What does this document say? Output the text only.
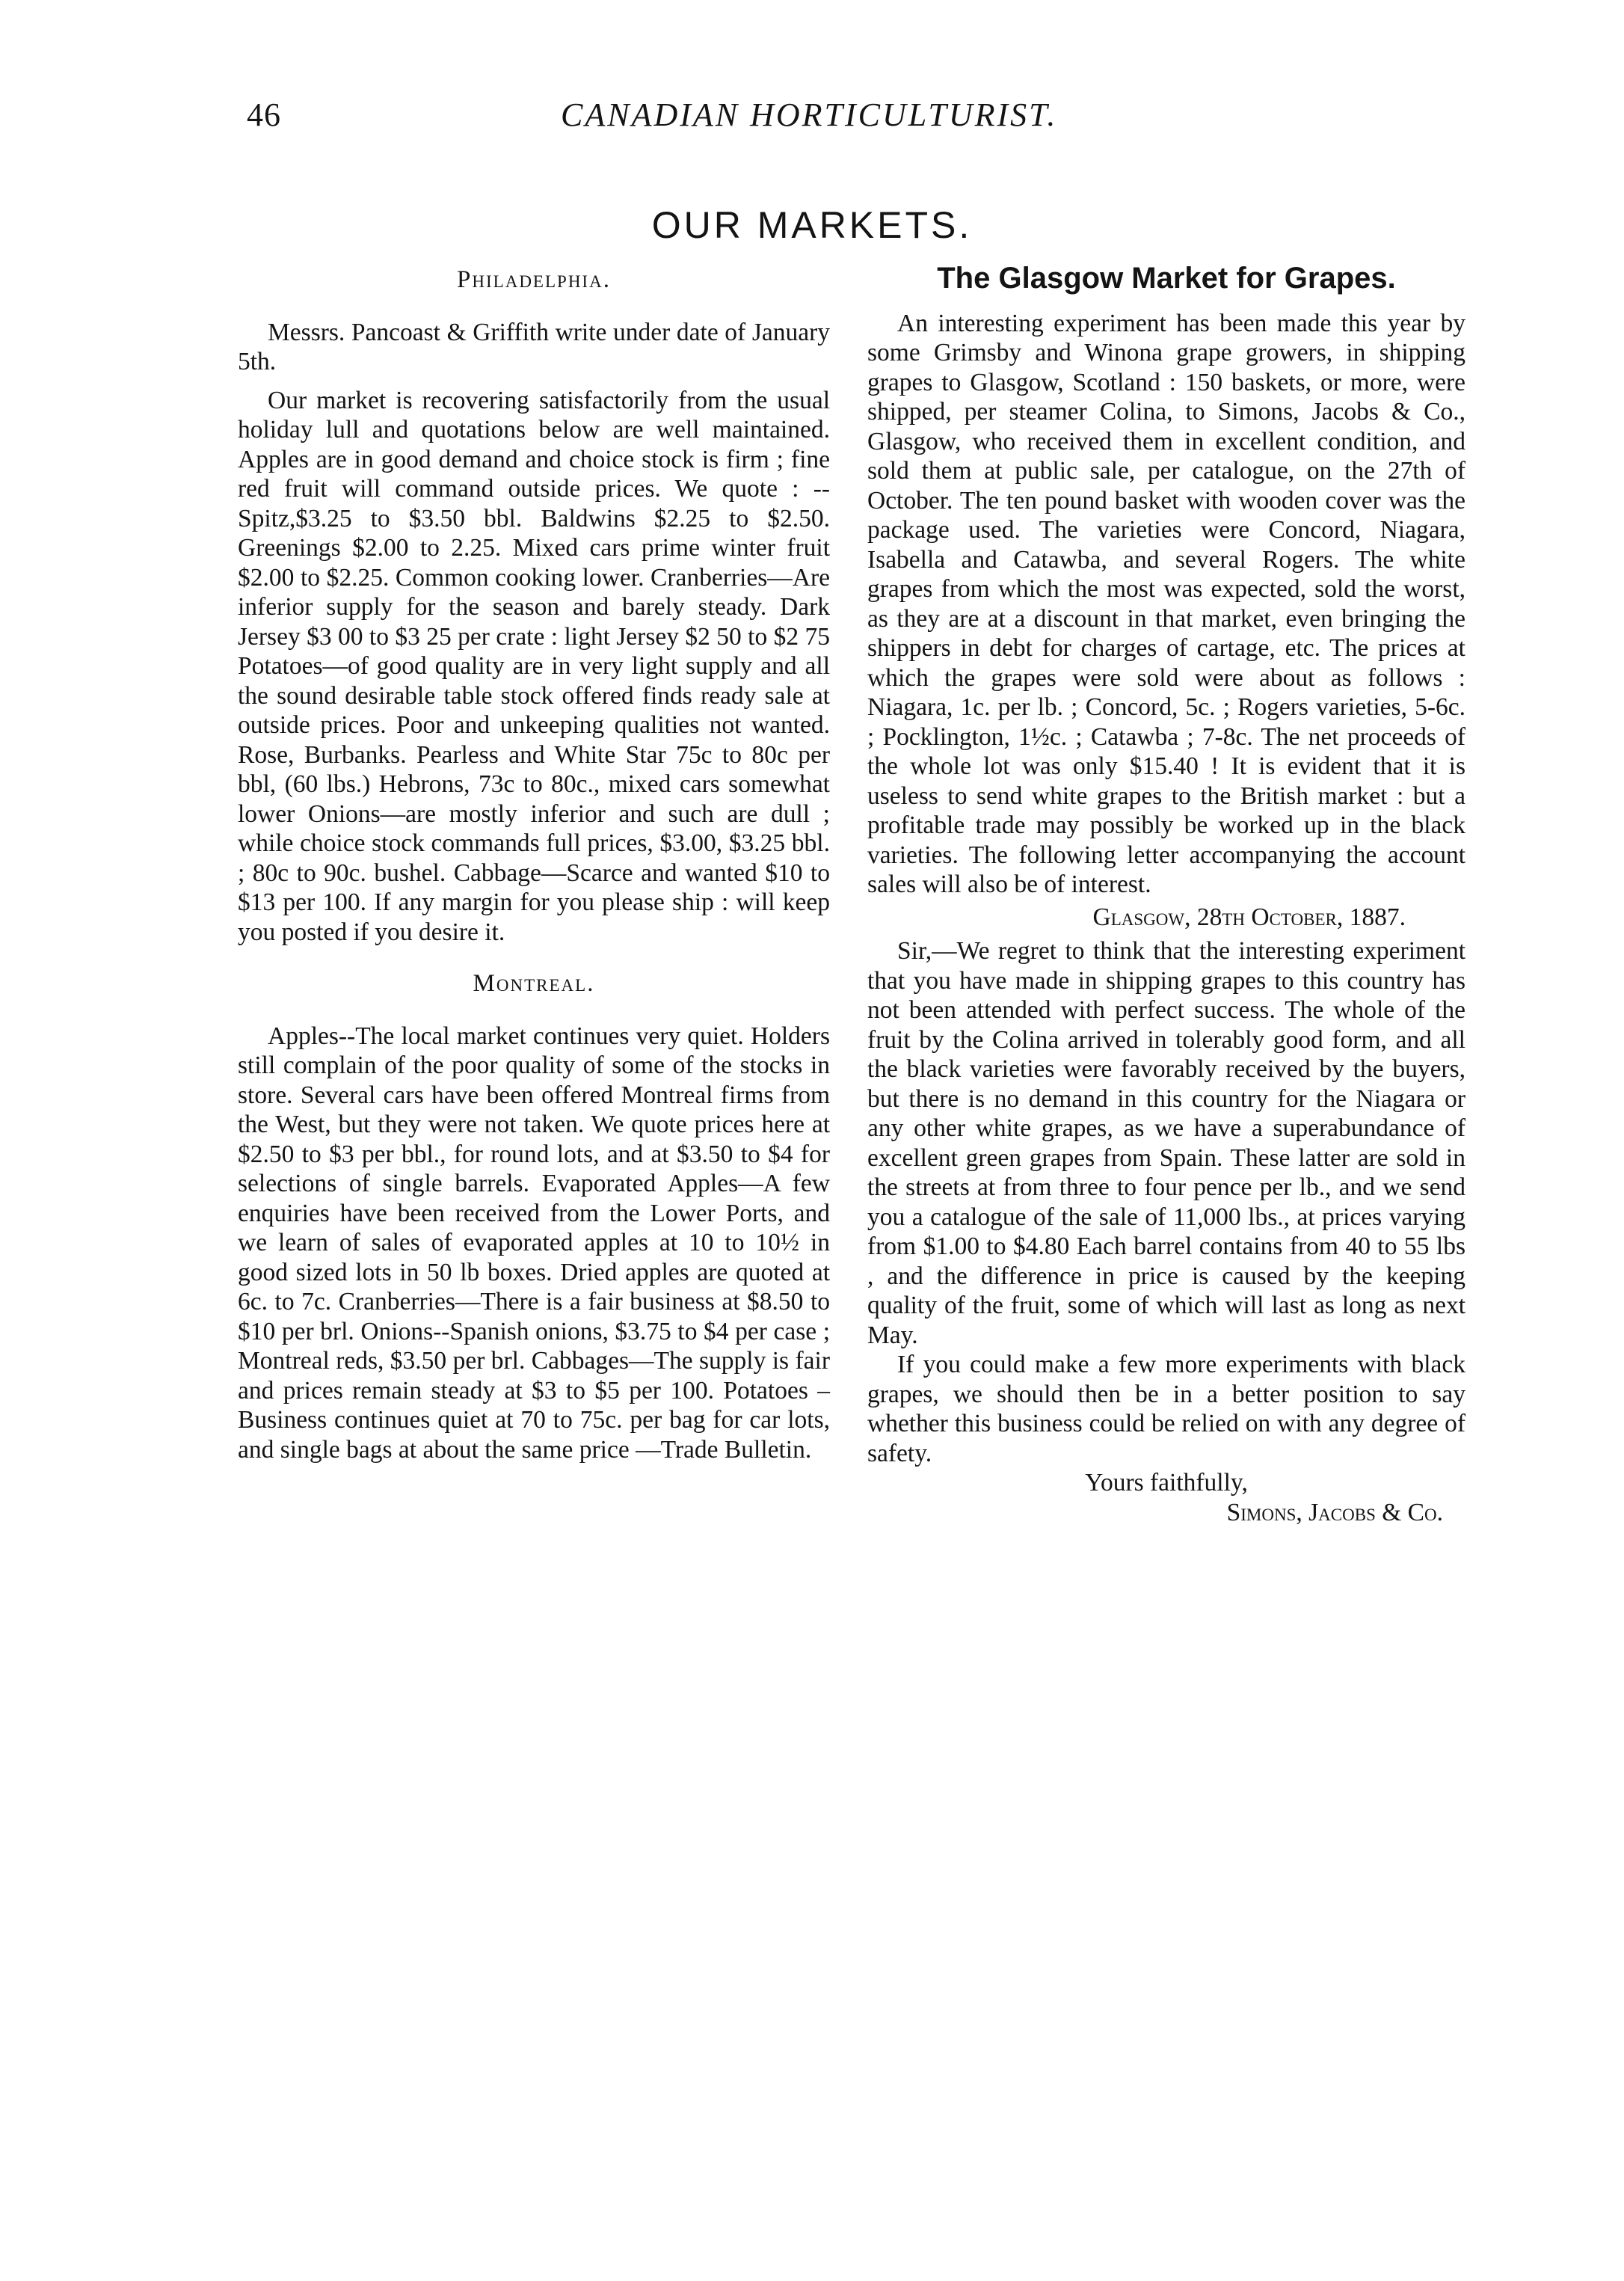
46	CANADIAN HORTICULTURIST.
OUR MARKETS.
Philadelphia.

Messrs. Pancoast & Griffith write under date of January 5th.

Our market is recovering satisfactorily from the usual holiday lull and quotations below are well maintained. Apples are in good demand and choice stock is firm ; fine red fruit will command outside prices. We quote : --Spitz,$3.25 to $3.50 bbl. Baldwins $2.25 to $2.50. Greenings $2.00 to 2.25. Mixed cars prime winter fruit $2.00 to $2.25. Common cooking lower. Cranberries—Are inferior supply for the season and barely steady. Dark Jersey $3 00 to $3 25 per crate : light Jersey $2 50 to $2 75 Potatoes—of good quality are in very light supply and all the sound desirable table stock offered finds ready sale at outside prices. Poor and unkeeping qualities not wanted. Rose, Burbanks. Pearless and White Star 75c to 80c per bbl, (60 lbs.) Hebrons, 73c to 80c., mixed cars somewhat lower Onions—are mostly inferior and such are dull ; while choice stock commands full prices, $3.00, $3.25 bbl. ; 80c to 90c. bushel. Cabbage—Scarce and wanted $10 to $13 per 100. If any margin for you please ship : will keep you posted if you desire it.

Montreal.

Apples--The local market continues very quiet. Holders still complain of the poor quality of some of the stocks in store. Several cars have been offered Montreal firms from the West, but they were not taken. We quote prices here at $2.50 to $3 per bbl., for round lots, and at $3.50 to $4 for selections of single barrels. Evaporated Apples—A few enquiries have been received from the Lower Ports, and we learn of sales of evaporated apples at 10 to 10½ in good sized lots in 50 lb boxes. Dried apples are quoted at 6c. to 7c. Cranberries—There is a fair business at $8.50 to $10 per brl. Onions--Spanish onions, $3.75 to $4 per case ; Montreal reds, $3.50 per brl. Cabbages—The supply is fair and prices remain steady at $3 to $5 per 100. Potatoes – Business continues quiet at 70 to 75c. per bag for car lots, and single bags at about the same price —Trade Bulletin.

The Glasgow Market for Grapes.

An interesting experiment has been made this year by some Grimsby and Winona grape growers, in shipping grapes to Glasgow, Scotland : 150 baskets, or more, were shipped, per steamer Colina, to Simons, Jacobs & Co., Glasgow, who received them in excellent condition, and sold them at public sale, per catalogue, on the 27th of October. The ten pound basket with wooden cover was the package used. The varieties were Concord, Niagara, Isabella and Catawba, and several Rogers. The white grapes from which the most was expected, sold the worst, as they are at a discount in that market, even bringing the shippers in debt for charges of cartage, etc. The prices at which the grapes were sold were about as follows : Niagara, 1c. per lb. ; Concord, 5c. ; Rogers varieties, 5-6c. ; Pocklington, 1½c. ; Catawba ; 7-8c. The net proceeds of the whole lot was only $15.40 ! It is evident that it is useless to send white grapes to the British market : but a profitable trade may possibly be worked up in the black varieties. The following letter accompanying the account sales will also be of interest.

Glasgow, 28th October, 1887.

Sir,—We regret to think that the interesting experiment that you have made in shipping grapes to this country has not been attended with perfect success. The whole of the fruit by the Colina arrived in tolerably good form, and all the black varieties were favorably received by the buyers, but there is no demand in this country for the Niagara or any other white grapes, as we have a superabundance of excellent green grapes from Spain. These latter are sold in the streets at from three to four pence per lb., and we send you a catalogue of the sale of 11,000 lbs., at prices varying from $1.00 to $4.80 Each barrel contains from 40 to 55 lbs , and the difference in price is caused by the keeping quality of the fruit, some of which will last as long as next May.

If you could make a few more experiments with black grapes, we should then be in a better position to say whether this business could be relied on with any degree of safety.

Yours faithfully,
Simons, Jacobs & Co.
